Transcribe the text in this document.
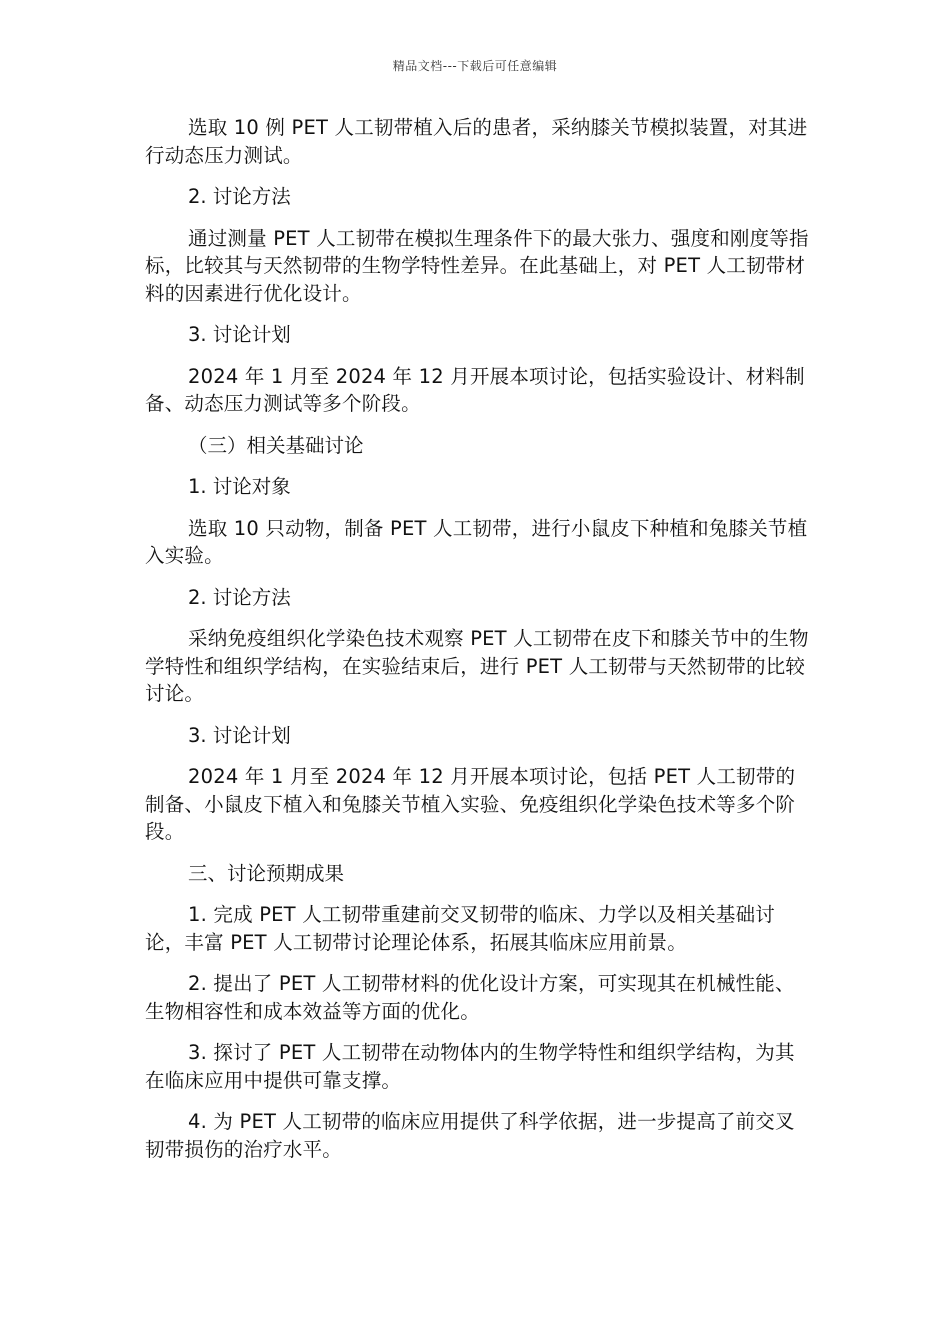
精品文档---下载后可任意编辑

选取 10 例 PET 人工韧带植入后的患者，采纳膝关节模拟装置，对其进行动态压力测试。

2. 讨论方法

通过测量 PET 人工韧带在模拟生理条件下的最大张力、强度和刚度等指标，比较其与天然韧带的生物学特性差异。在此基础上，对 PET 人工韧带材料的因素进行优化设计。

3. 讨论计划

2024 年 1 月至 2024 年 12 月开展本项讨论，包括实验设计、材料制备、动态压力测试等多个阶段。

（三）相关基础讨论

1. 讨论对象

选取 10 只动物，制备 PET 人工韧带，进行小鼠皮下种植和兔膝关节植入实验。

2. 讨论方法

采纳免疫组织化学染色技术观察 PET 人工韧带在皮下和膝关节中的生物学特性和组织学结构，在实验结束后，进行 PET 人工韧带与天然韧带的比较讨论。

3. 讨论计划

2024 年 1 月至 2024 年 12 月开展本项讨论，包括 PET 人工韧带的制备、小鼠皮下植入和兔膝关节植入实验、免疫组织化学染色技术等多个阶段。

三、讨论预期成果

1. 完成 PET 人工韧带重建前交叉韧带的临床、力学以及相关基础讨论，丰富 PET 人工韧带讨论理论体系，拓展其临床应用前景。

2. 提出了 PET 人工韧带材料的优化设计方案，可实现其在机械性能、生物相容性和成本效益等方面的优化。

3. 探讨了 PET 人工韧带在动物体内的生物学特性和组织学结构，为其在临床应用中提供可靠支撑。

4. 为 PET 人工韧带的临床应用提供了科学依据，进一步提高了前交叉韧带损伤的治疗水平。
